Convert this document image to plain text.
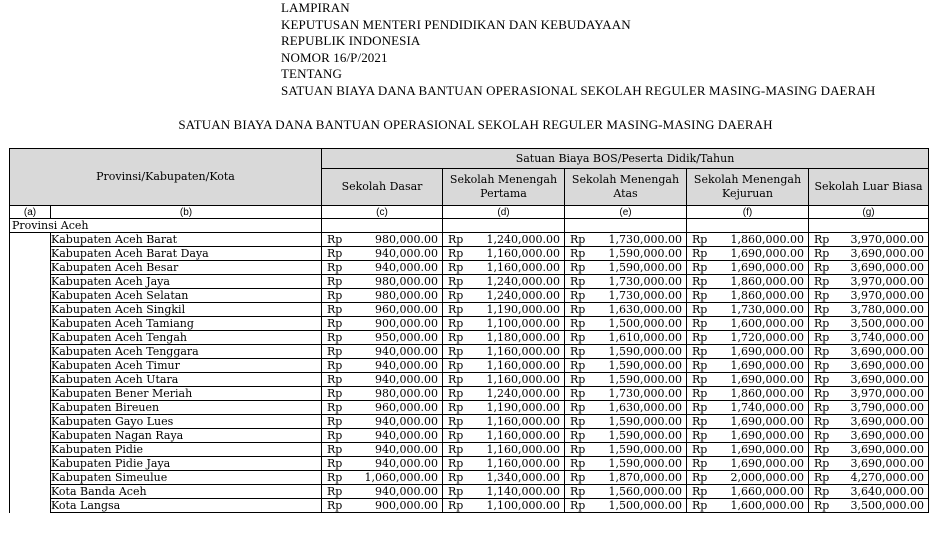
LAMPIRAN
KEPUTUSAN MENTERI PENDIDIKAN DAN KEBUDAYAAN
REPUBLIK INDONESIA
NOMOR 16/P/2021
TENTANG
SATUAN BIAYA DANA BANTUAN OPERASIONAL SEKOLAH REGULER MASING-MASING DAERAH
SATUAN BIAYA DANA BANTUAN OPERASIONAL SEKOLAH REGULER MASING-MASING DAERAH
Provinsi/Kabupaten/Kota		Satuan Biaya BOS/Peserta Didik/Tahun				
		Sekolah Dasar	Sekolah Menengah Pertama	Sekolah Menengah Atas	Sekolah Menengah Kejuruan	Sekolah Luar Biasa
(a)	(b)	(c)	(d)	(e)	(f)	(g)
Provinsi Aceh						
	Kabupaten Aceh Barat	Rp 980,000.00	Rp 1,240,000.00	Rp 1,730,000.00	Rp 1,860,000.00	Rp 3,970,000.00

	Kabupaten Aceh Barat Daya	Rp 940,000.00	Rp 1,160,000.00	Rp 1,590,000.00	Rp 1,690,000.00	Rp 3,690,000.00

	Kabupaten Aceh Besar	Rp 940,000.00	Rp 1,160,000.00	Rp 1,590,000.00	Rp 1,690,000.00	Rp 3,690,000.00

	Kabupaten Aceh Jaya	Rp 980,000.00	Rp 1,240,000.00	Rp 1,730,000.00	Rp 1,860,000.00	Rp 3,970,000.00

	Kabupaten Aceh Selatan	Rp 980,000.00	Rp 1,240,000.00	Rp 1,730,000.00	Rp 1,860,000.00	Rp 3,970,000.00

	Kabupaten Aceh Singkil	Rp 960,000.00	Rp 1,190,000.00	Rp 1,630,000.00	Rp 1,730,000.00	Rp 3,780,000.00

	Kabupaten Aceh Tamiang	Rp 900,000.00	Rp 1,100,000.00	Rp 1,500,000.00	Rp 1,600,000.00	Rp 3,500,000.00

	Kabupaten Aceh Tengah	Rp 950,000.00	Rp 1,180,000.00	Rp 1,610,000.00	Rp 1,720,000.00	Rp 3,740,000.00

	Kabupaten Aceh Tenggara	Rp 940,000.00	Rp 1,160,000.00	Rp 1,590,000.00	Rp 1,690,000.00	Rp 3,690,000.00

	Kabupaten Aceh Timur	Rp 940,000.00	Rp 1,160,000.00	Rp 1,590,000.00	Rp 1,690,000.00	Rp 3,690,000.00

	Kabupaten Aceh Utara	Rp 940,000.00	Rp 1,160,000.00	Rp 1,590,000.00	Rp 1,690,000.00	Rp 3,690,000.00

	Kabupaten Bener Meriah	Rp 980,000.00	Rp 1,240,000.00	Rp 1,730,000.00	Rp 1,860,000.00	Rp 3,970,000.00

	Kabupaten Bireuen	Rp 960,000.00	Rp 1,190,000.00	Rp 1,630,000.00	Rp 1,740,000.00	Rp 3,790,000.00

	Kabupaten Gayo Lues	Rp 940,000.00	Rp 1,160,000.00	Rp 1,590,000.00	Rp 1,690,000.00	Rp 3,690,000.00

	Kabupaten Nagan Raya	Rp 940,000.00	Rp 1,160,000.00	Rp 1,590,000.00	Rp 1,690,000.00	Rp 3,690,000.00

	Kabupaten Pidie	Rp 940,000.00	Rp 1,160,000.00	Rp 1,590,000.00	Rp 1,690,000.00	Rp 3,690,000.00

	Kabupaten Pidie Jaya	Rp 940,000.00	Rp 1,160,000.00	Rp 1,590,000.00	Rp 1,690,000.00	Rp 3,690,000.00

	Kabupaten Simeulue	Rp 1,060,000.00	Rp 1,340,000.00	Rp 1,870,000.00	Rp 2,000,000.00	Rp 4,270,000.00

	Kota Banda Aceh	Rp 940,000.00	Rp 1,140,000.00	Rp 1,560,000.00	Rp 1,660,000.00	Rp 3,640,000.00

	Kota Langsa	Rp 900,000.00	Rp 1,100,000.00	Rp 1,500,000.00	Rp 1,600,000.00	Rp 3,500,000.00
